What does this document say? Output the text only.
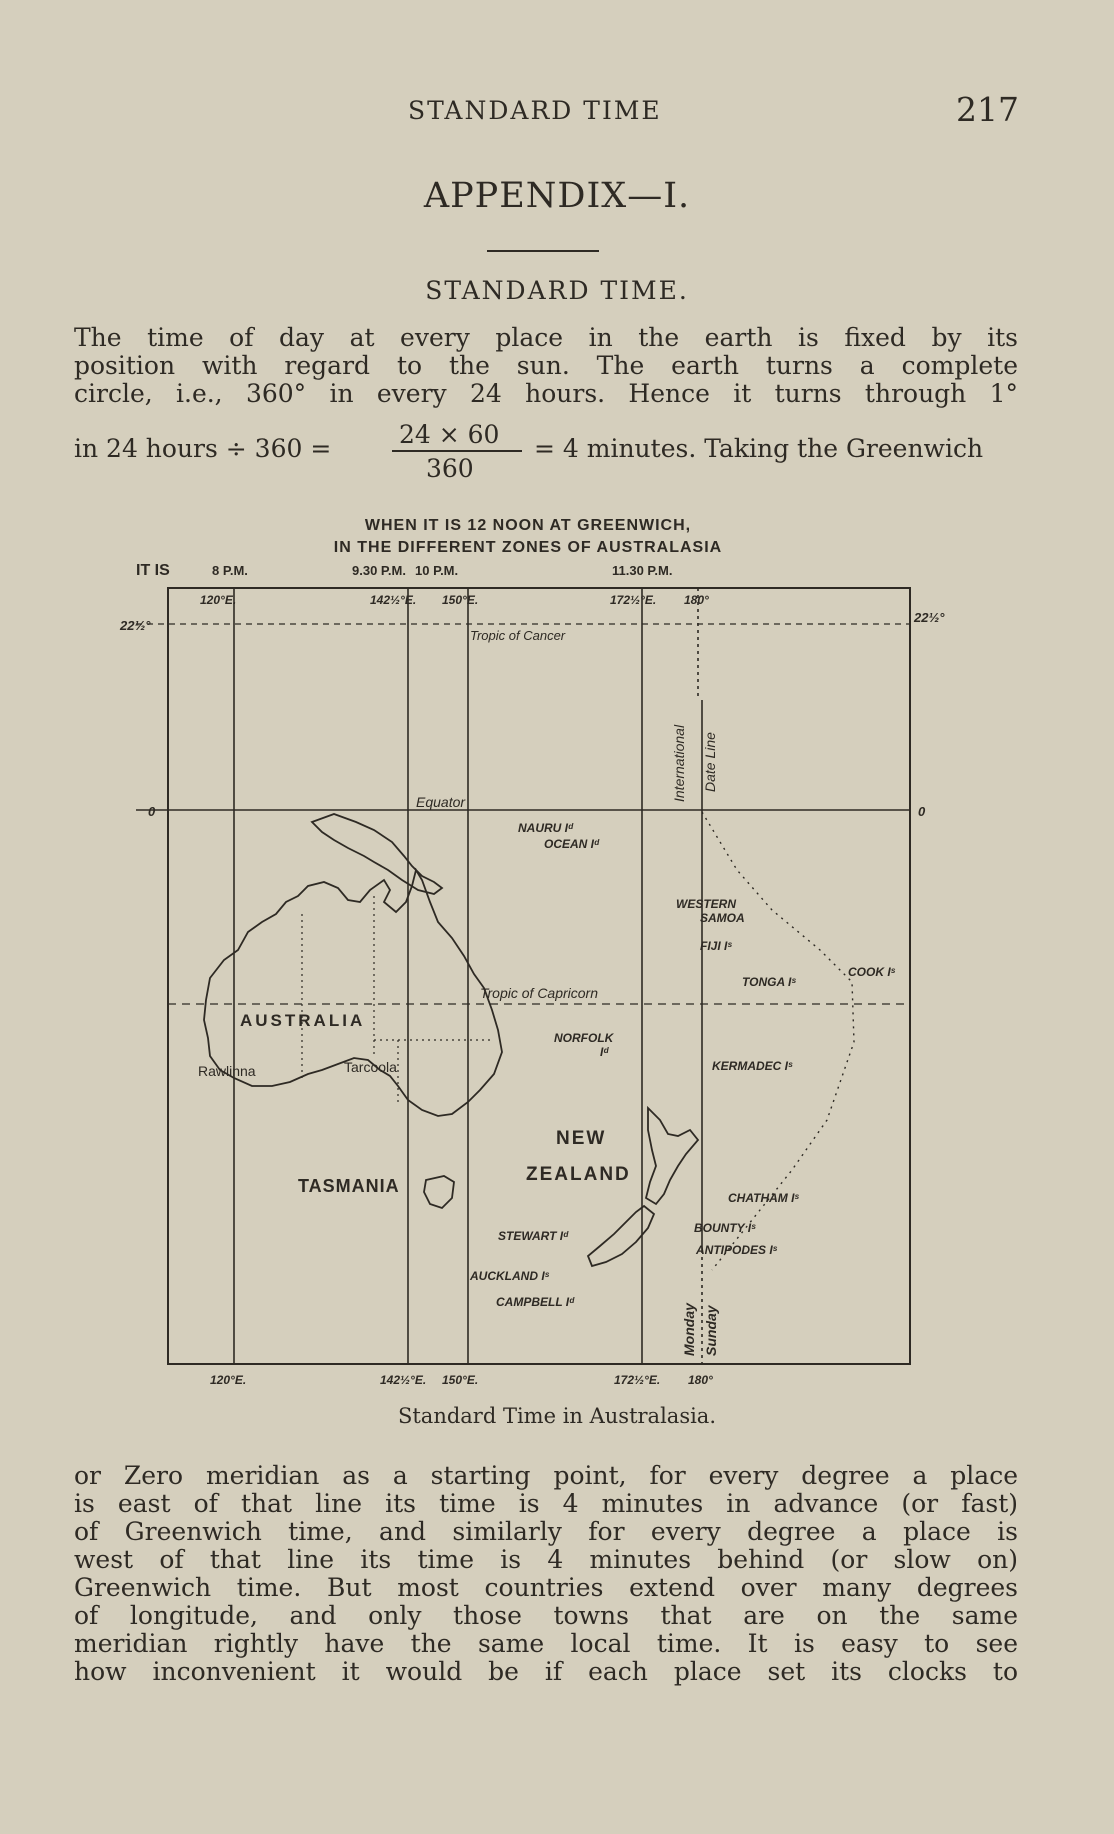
STANDARD TIME	217
APPENDIX—I.
STANDARD TIME.
The time of day at every place in the earth is fixed by its
position with regard to the sun. The earth turns a complete
circle, i.e., 360° in every 24 hours. Hence it turns through 1°
in 24 hours ÷ 360 =	24 × 60
360
= 4 minutes. Taking the Greenwich
WHEN IT IS 12 NOON AT GREENWICH,
IN THE DIFFERENT ZONES OF AUSTRALASIA
IT IS	8 P.M.	9.30 P.M. 10 P.M.	11.30 P.M.
22½°
0
22½°
0
120°E.	142½°E. 150°E.	172½°E. 180°
120°E.	142½°E. 150°E.	172½°E. 180°
Tropic of Cancer
Equator
Tropic of Capricorn
International Date Line
Monday Sunday
NAURU Iᵈ
OCEAN Iᵈ
WESTERN
SAMOA
FIJI Iˢ
TONGA Iˢ
COOK Iˢ
NORFOLK
Iᵈ
KERMADEC Iˢ
CHATHAM Iˢ
STEWART Iᵈ
BOUNTY Iˢ
ANTIPODES Iˢ
AUCKLAND Iˢ
CAMPBELL Iᵈ
AUSTRALIA
Rawlinna	Tarcoola
NEW
ZEALAND
TASMANIA
Standard Time in Australasia.
or Zero meridian as a starting point, for every degree a place
is east of that line its time is 4 minutes in advance (or fast)
of Greenwich time, and similarly for every degree a place is
west of that line its time is 4 minutes behind (or slow on)
Greenwich time. But most countries extend over many degrees
of longitude, and only those towns that are on the same
meridian rightly have the same local time. It is easy to see
how inconvenient it would be if each place set its clocks to
